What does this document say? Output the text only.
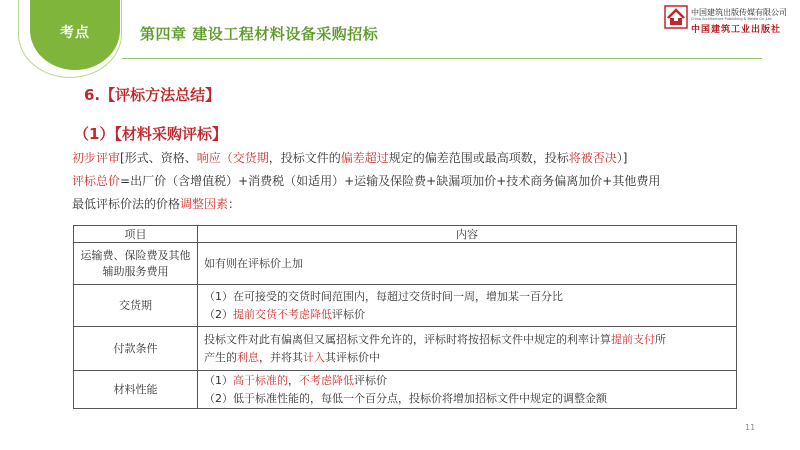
考点	第四章 建设工程材料设备采购招标
中国建筑出版传媒有限公司
China Architecture Publishing & Media Co.,Ltd
中国建筑工业出版社
6.【评标方法总结】
（1）【材料采购评标】
初步评审[形式、资格、响应（交货期，投标文件的偏差超过规定的偏差范围或最高项数，投标将被否决）]
评标总价=出厂价（含增值税）+消费税（如适用）+运输及保险费+缺漏项加价+技术商务偏离加价+其他费用
最低评标价法的价格调整因素：
项目	内容

运输费、保险费及其他辅助服务费用	如有则在评标价上加
交货期	（1）在可接受的交货时间范围内，每超过交货时间一周，增加某一百分比
（2）提前交货不考虑降低评标价

付款条件	投标文件对此有偏离但又属招标文件允许的，评标时将按招标文件中规定的利率计算提前支付所
产生的利息，并将其计入其评标价中

材料性能	（1）高于标准的，不考虑降低评标价
（2）低于标准性能的，每低一个百分点，投标价将增加招标文件中规定的调整金额
11
